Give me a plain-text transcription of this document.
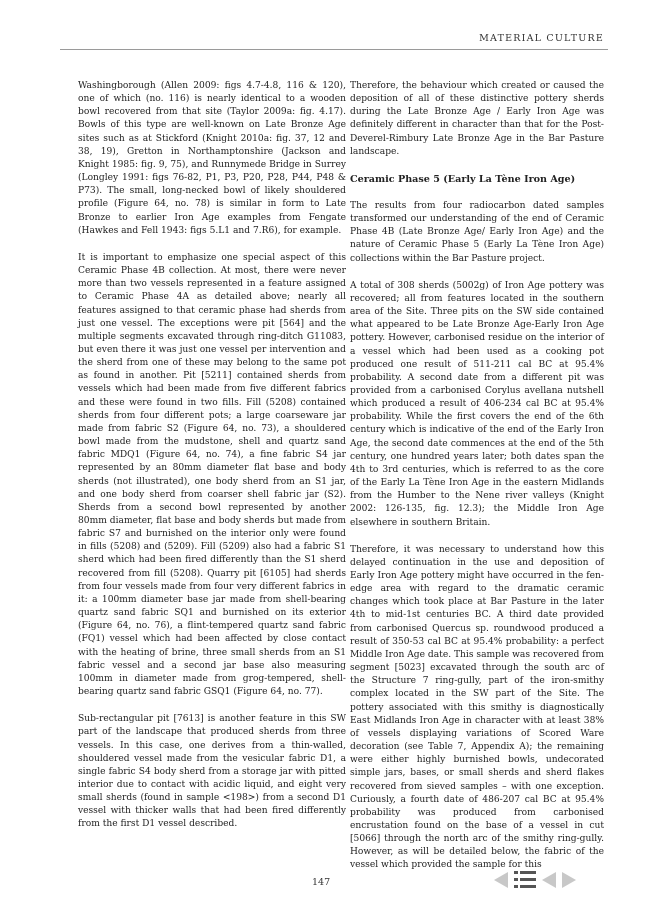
MATERIAL CULTURE

Washingborough (Allen 2009: figs 4.7-4.8, 116 & 120), one of which (no. 116) is nearly identical to a wooden bowl recovered from that site (Taylor 2009a: fig. 4.17). Bowls of this type are well-known on Late Bronze Age sites such as at Stickford (Knight 2010a: fig. 37, 12 and 38, 19), Gretton in Northamptonshire (Jackson and Knight 1985: fig. 9, 75), and Runnymede Bridge in Surrey (Longley 1991: figs 76-82, P1, P3, P20, P28, P44, P48 & P73). The small, long-necked bowl of likely shouldered profile (Figure 64, no. 78) is similar in form to Late Bronze to earlier Iron Age examples from Fengate (Hawkes and Fell 1943: figs 5.L1 and 7.R6), for example.

It is important to emphasize one special aspect of this Ceramic Phase 4B collection. At most, there were never more than two vessels represented in a feature assigned to Ceramic Phase 4A as detailed above; nearly all features assigned to that ceramic phase had sherds from just one vessel. The exceptions were pit [564] and the multiple segments excavated through ring-ditch G11083, but even there it was just one vessel per intervention and the sherd from one of these may belong to the same pot as found in another. Pit [5211] contained sherds from vessels which had been made from five different fabrics and these were found in two fills. Fill (5208) contained sherds from four different pots; a large coarseware jar made from fabric S2 (Figure 64, no. 73), a shouldered bowl made from the mudstone, shell and quartz sand fabric MDQ1 (Figure 64, no. 74), a fine fabric S4 jar represented by an 80mm diameter flat base and body sherds (not illustrated), one body sherd from an S1 jar, and one body sherd from coarser shell fabric jar (S2). Sherds from a second bowl represented by another 80mm diameter, flat base and body sherds but made from fabric S7 and burnished on the interior only were found in fills (5208) and (5209). Fill (5209) also had a fabric S1 sherd which had been fired differently than the S1 sherd recovered from fill (5208). Quarry pit [6105] had sherds from four vessels made from four very different fabrics in it: a 100mm diameter base jar made from shell-bearing quartz sand fabric SQ1 and burnished on its exterior (Figure 64, no. 76), a flint-tempered quartz sand fabric (FQ1) vessel which had been affected by close contact with the heating of brine, three small sherds from an S1 fabric vessel and a second jar base also measuring 100mm in diameter made from grog-tempered, shell-bearing quartz sand fabric GSQ1 (Figure 64, no. 77).

Sub-rectangular pit [7613] is another feature in this SW part of the landscape that produced sherds from three vessels. In this case, one derives from a thin-walled, shouldered vessel made from the vesicular fabric D1, a single fabric S4 body sherd from a storage jar with pitted interior due to contact with acidic liquid, and eight very small sherds (found in sample <198>) from a second D1 vessel with thicker walls that had been fired differently from the first D1 vessel described.

Therefore, the behaviour which created or caused the deposition of all of these distinctive pottery sherds during the Late Bronze Age / Early Iron Age was definitely different in character than that for the Post-Deverel-Rimbury Late Bronze Age in the Bar Pasture landscape.

Ceramic Phase 5 (Early La Tène Iron Age)

The results from four radiocarbon dated samples transformed our understanding of the end of Ceramic Phase 4B (Late Bronze Age/ Early Iron Age) and the nature of Ceramic Phase 5 (Early La Tène Iron Age) collections within the Bar Pasture project.

A total of 308 sherds (5002g) of Iron Age pottery was recovered; all from features located in the southern area of the Site. Three pits on the SW side contained what appeared to be Late Bronze Age-Early Iron Age pottery. However, carbonised residue on the interior of a vessel which had been used as a cooking pot produced one result of 511-211 cal BC at 95.4% probability. A second date from a different pit was provided from a carbonised Corylus avellana nutshell which produced a result of 406-234 cal BC at 95.4% probability. While the first covers the end of the 6th century which is indicative of the end of the Early Iron Age, the second date commences at the end of the 5th century, one hundred years later; both dates span the 4th to 3rd centuries, which is referred to as the core of the Early La Tène Iron Age in the eastern Midlands from the Humber to the Nene river valleys (Knight 2002: 126-135, fig. 12.3); the Middle Iron Age elsewhere in southern Britain.

Therefore, it was necessary to understand how this delayed continuation in the use and deposition of Early Iron Age pottery might have occurred in the fen-edge area with regard to the dramatic ceramic changes which took place at Bar Pasture in the later 4th to mid-1st centuries BC. A third date provided from carbonised Quercus sp. roundwood produced a result of 350-53 cal BC at 95.4% probability: a perfect Middle Iron Age date. This sample was recovered from segment [5023] excavated through the south arc of the Structure 7 ring-gully, part of the iron-smithy complex located in the SW part of the Site. The pottery associated with this smithy is diagnostically East Midlands Iron Age in character with at least 38% of vessels displaying variations of Scored Ware decoration (see Table 7, Appendix A); the remaining were either highly burnished bowls, undecorated simple jars, bases, or small sherds and sherd flakes recovered from sieved samples – with one exception. Curiously, a fourth date of 486-207 cal BC at 95.4% probability was produced from carbonised encrustation found on the base of a vessel in cut [5066] through the north arc of the smithy ring-gully. However, as will be detailed below, the fabric of the vessel which provided the sample for this

147
